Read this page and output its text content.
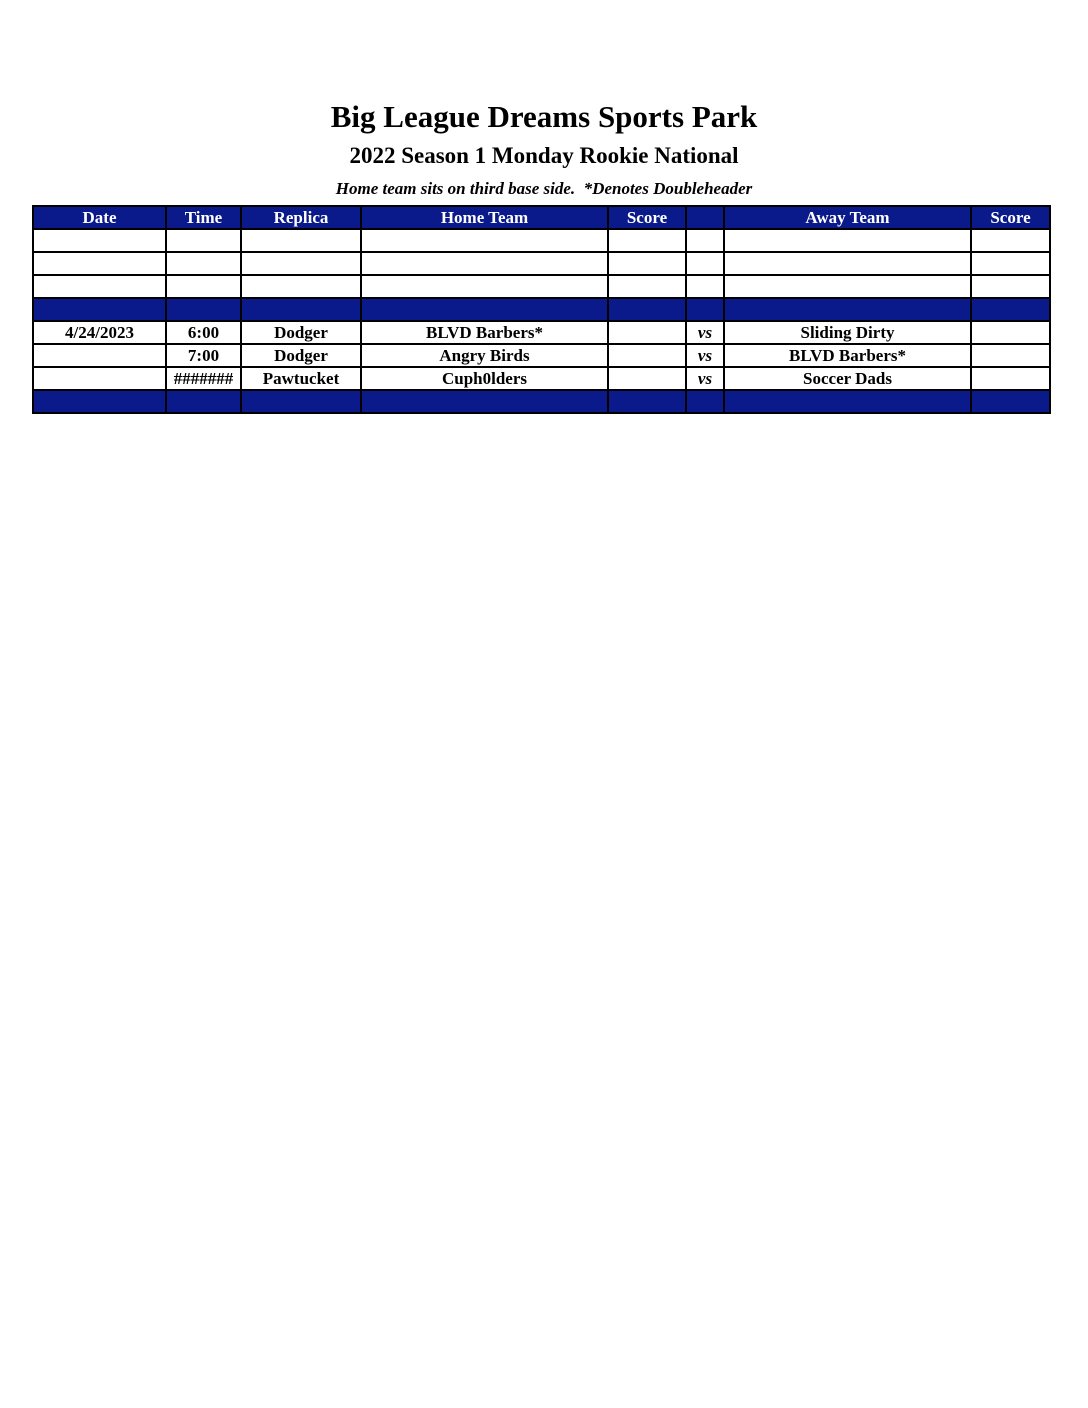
Big League Dreams Sports Park
2022 Season 1 Monday Rookie National
Home team sits on third base side.  *Denotes Doubleheader
Date	Time	Replica	Home Team	Score		Away Team	Score

4/24/2023	6:00	Dodger	BLVD Barbers*		vs	Sliding Dirty	
	7:00	Dodger	Angry Birds		vs	BLVD Barbers*	
	#######	Pawtucket	Cuph0lders		vs	Soccer Dads	
